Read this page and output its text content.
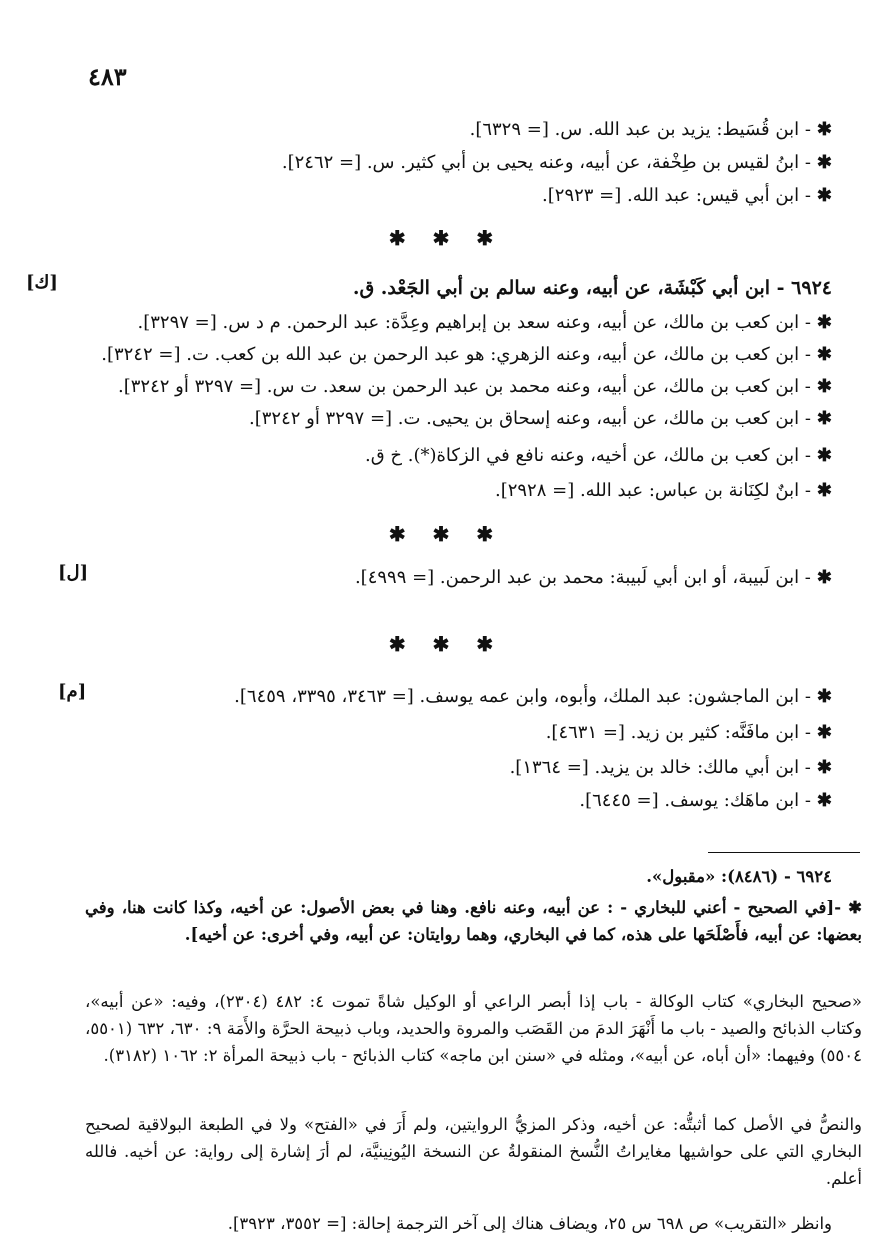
٤٨٣
✱- ابن قُسَيط: يزيد بن عبد الله. س. [= ٦٣٢٩].
✱- ابنُ لقيس بن طِخْفة، عن أبيه، وعنه يحيى بن أبي كثير. س. [= ٢٤٦٢].
✱- ابن أبي قيس: عبد الله. [= ٢٩٢٣].
✱ ✱ ✱
[ك]	٦٩٢٤ - ابن أبي كَبْشَة، عن أبيه، وعنه سالم بن أبي الجَعْد. ق.
✱- ابن كعب بن مالك، عن أبيه، وعنه سعد بن إبراهيم وعِدَّة: عبد الرحمن. م د س. [= ٣٢٩٧].
✱- ابن كعب بن مالك، عن أبيه، وعنه الزهري: هو عبد الرحمن بن عبد الله بن كعب. ت. [= ٣٢٤٢].
✱- ابن كعب بن مالك، عن أبيه، وعنه محمد بن عبد الرحمن بن سعد. ت س. [= ٣٢٩٧ أو ٣٢٤٢].
✱- ابن كعب بن مالك، عن أبيه، وعنه إسحاق بن يحيى. ت. [= ٣٢٩٧ أو ٣٢٤٢].
✱- ابن كعب بن مالك، عن أخيه، وعنه نافع في الزكاة(*). خ ق.
✱- ابنٌ لكِنَانة بن عباس: عبد الله. [= ٢٩٢٨].
✱ ✱ ✱
[ل]	✱- ابن لَبيبة، أو ابن أبي لَبيبة: محمد بن عبد الرحمن. [= ٤٩٩٩].
✱ ✱ ✱
[م]	✱- ابن الماجشون: عبد الملك، وأبوه، وابن عمه يوسف. [= ٣٤٦٣، ٣٣٩٥، ٦٤٥٩].
✱- ابن مافَنَّه: كثير بن زيد. [= ٤٦٣١].
✱- ابن أبي مالك: خالد بن يزيد. [= ١٣٦٤].
✱- ابن ماهَك: يوسف. [= ٦٤٤٥].
٦٩٢٤ - (٨٤٨٦): «مقبول».
✱ -[في الصحيح - أعني للبخاري - : عن أبيه، وعنه نافع. وهنا في بعض الأصول: عن أخيه، وكذا كانت هنا، وفي بعضها: عن أبيه، فأَصْلَحَها على هذه، كما في البخاري، وهما روايتان: عن أبيه، وفي أخرى: عن أخيه].
«صحيح البخاري» كتاب الوكالة - باب إذا أبصر الراعي أو الوكيل شاةً تموت ٤: ٤٨٢ (٢٣٠٤)، وفيه: «عن أبيه»، وكتاب الذبائح والصيد - باب ما أَنْهَرَ الدمَ من القَصَب والمروة والحديد، وباب ذبيحة الحرَّة والأَمَة ٩: ٦٣٠، ٦٣٢ (٥٥٠١، ٥٥٠٤) وفيهما: «أن أباه، عن أبيه»، ومثله في «سنن ابن ماجه» كتاب الذبائح - باب ذبيحة المرأة ٢: ١٠٦٢ (٣١٨٢).
والنصُّ في الأصل كما أثبتُّه: عن أخيه، وذكر المزيُّ الروايتين، ولم أَرَ في «الفتح» ولا في الطبعة البولاقية لصحيح البخاري التي على حواشيها مغايراتُ النُّسخ المنقولةُ عن النسخة اليُونِينيَّة، لم أرَ إشارة إلى رواية: عن أخيه. فالله أعلم.
وانظر «التقريب» ص ٦٩٨ س ٢٥، ويضاف هناك إلى آخر الترجمة إحالة: [= ٣٥٥٢، ٣٩٢٣].
